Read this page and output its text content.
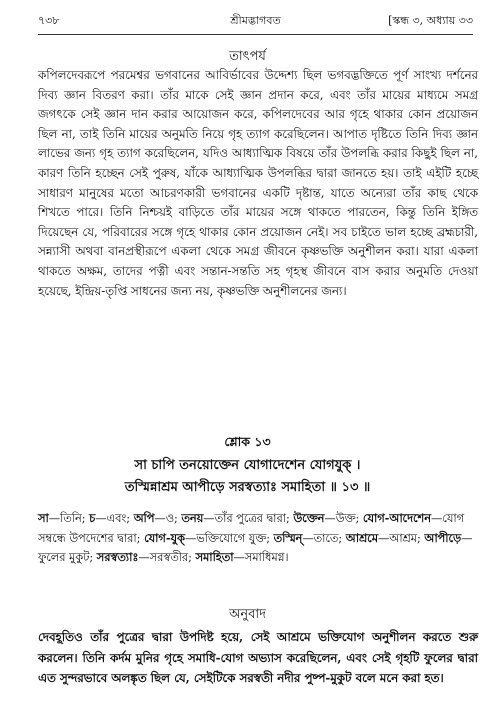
৭৩৮	শ্রীমদ্ভাগবত	[স্কন্ধ ৩, অধ্যায় ৩৩
তাৎপর্য

কপিলদেবরূপে পরমেশ্বর ভগবানের আবির্ভাবের উদ্দেশ্য ছিল ভগবদ্ভক্তিতে পূর্ণ সাংখ্য দর্শনের দিব্য জ্ঞান বিতরণ করা। তাঁর মাকে সেই জ্ঞান প্রদান করে, এবং তাঁর মায়ের মাধ্যমে সমগ্র জগৎকে সেই জ্ঞান দান করার আয়োজন করে, কপিলদেবের আর গৃহে থাকার কোন প্রয়োজন ছিল না, তাই তিনি মায়ের অনুমতি নিয়ে গৃহ ত্যাগ করেছিলেন। আপাত দৃষ্টিতে তিনি দিব্য জ্ঞান লাভের জন্য গৃহ ত্যাগ করেছিলেন, যদিও আধ্যাত্মিক বিষয়ে তাঁর উপলব্ধি করার কিছুই ছিল না, কারণ তিনি হচ্ছেন সেই পুরুষ, যাঁকে আধ্যাত্মিক উপলব্ধির দ্বারা জানতে হয়। তাই এইটি হচ্ছে সাধারণ মানুষের মতো আচরণকারী ভগবানের একটি দৃষ্টান্ত, যাতে অন্যেরা তাঁর কাছ থেকে শিখতে পারে। তিনি নিশ্চয়ই বাড়িতে তাঁর মায়ের সঙ্গে থাকতে পারতেন, কিন্তু তিনি ইঙ্গিত দিয়েছেন যে, পরিবারের সঙ্গে গৃহে থাকার কোন প্রয়োজন নেই। সব চাইতে ভাল হচ্ছে ব্রহ্মচারী, সন্ন্যাসী অথবা বানপ্রস্থীরূপে একলা থেকে সমগ্র জীবনে কৃষ্ণভক্তি অনুশীলন করা। যারা একলা থাকতে অক্ষম, তাদের পত্নী এবং সন্তান-সন্ততি সহ গৃহস্থ জীবনে বাস করার অনুমতি দেওয়া হয়েছে, ইন্দ্রিয়-তৃপ্তি সাধনের জন্য নয়, কৃষ্ণভক্তি অনুশীলনের জন্য।

শ্লোক ১৩
সা চাপি তনয়োক্তেন যোগাদেশেন যোগযুক্ ।
তস্মিন্নাশ্রম আপীড়ে সরস্বত্যাঃ সমাহিতা ॥ ১৩ ॥
সা—তিনি; চ—এবং; অপি—ও; তনয়—তাঁর পুত্রের দ্বারা; উক্তেন—উক্ত; যোগ-আদেশেন—যোগ সম্বন্ধে উপদেশের দ্বারা; যোগ-যুক্—ভক্তিযোগে যুক্ত; তস্মিন্—তাতে; আশ্রমে—আশ্রম; আপীড়ে—ফুলের মুকুট; সরস্বত্যাঃ—সরস্বতীর; সমাহিতা—সমাধিমগ্ন।
অনুবাদ

দেবহূতিও তাঁর পুত্রের দ্বারা উপদিষ্ট হয়ে, সেই আশ্রমে ভক্তিযোগ অনুশীলন করতে শুরু করলেন। তিনি কর্দম মুনির গৃহে সমাধি-যোগ অভ্যাস করেছিলেন, এবং সেই গৃহটি ফুলের দ্বারা এত সুন্দরভাবে অলঙ্কৃত ছিল যে, সেইটিকে সরস্বতী নদীর পুষ্প-মুকুট বলে মনে করা হত।
